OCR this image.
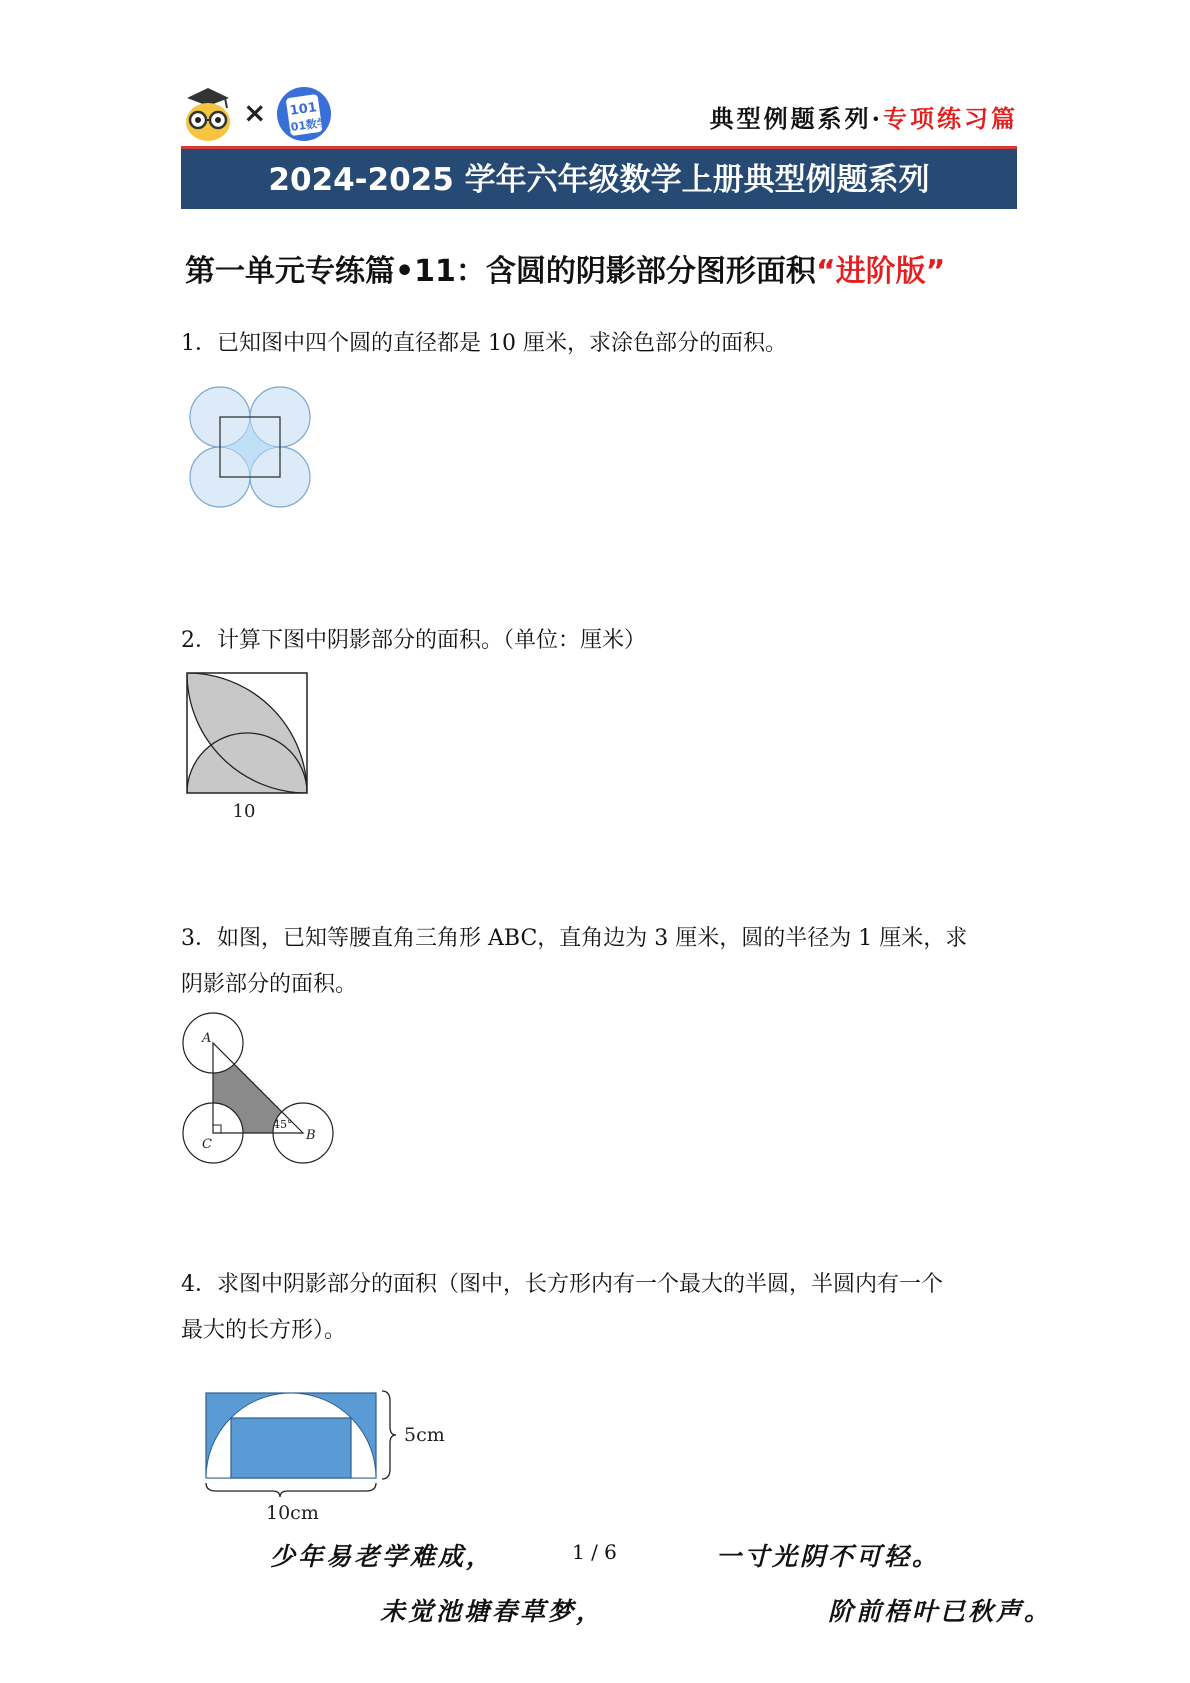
× 101
101数学	典型例题系列·专项练习篇
2024-2025 学年六年级数学上册典型例题系列
第一单元专练篇•11：含圆的阴影部分图形面积“进阶版”
1．已知图中四个圆的直径都是 10 厘米，求涂色部分的面积。
2．计算下图中阴影部分的面积。（单位：厘米）
10
3．如图，已知等腰直角三角形 ABC，直角边为 3 厘米，圆的半径为 1 厘米，求
阴影部分的面积。
A
C
B
45°
4．求图中阴影部分的面积（图中，长方形内有一个最大的半圆，半圆内有一个
最大的长方形）。
5cm
10cm
少年易老学难成，	1 / 6	一寸光阴不可轻。
未觉池塘春草梦，	阶前梧叶已秋声。
